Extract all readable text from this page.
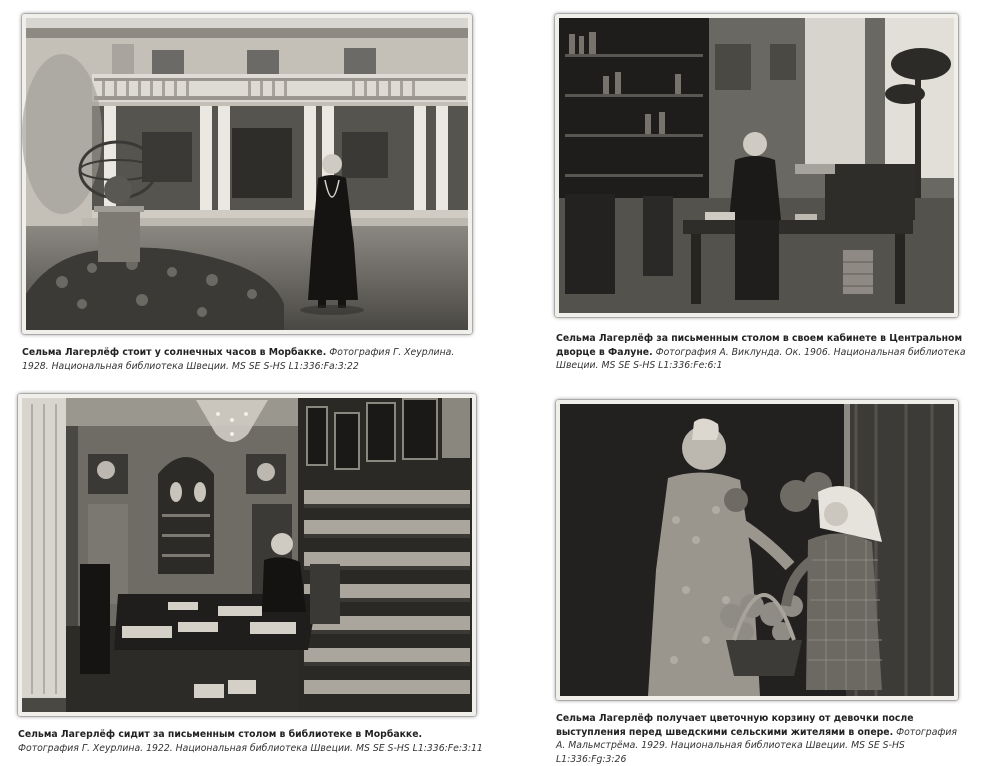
Сельма Лагерлёф стоит у солнечных часов в Морбакке. Фотография Г. Хеурлина. 1928. Национальная библиотека Швеции. MS SE S-HS L1:336:Fa:3:22
Сельма Лагерлёф за письменным столом в своем кабинете в Центральном дворце в Фалуне. Фотография А. Виклунда. Ок. 1906. Национальная библиотека Швеции. MS SE S-HS L1:336:Fe:6:1
Сельма Лагерлёф сидит за письменным столом в библиотеке в Морбакке. Фотография Г. Хеурлина. 1922. Национальная библиотека Швеции. MS SE S-HS L1:336:Fe:3:11
Сельма Лагерлёф получает цветочную корзину от девочки после выступления перед шведскими сельскими жителями в опере. Фотография А. Мальмстрёма. 1929. Национальная библиотека Швеции. MS SE S-HS L1:336:Fg:3:26
